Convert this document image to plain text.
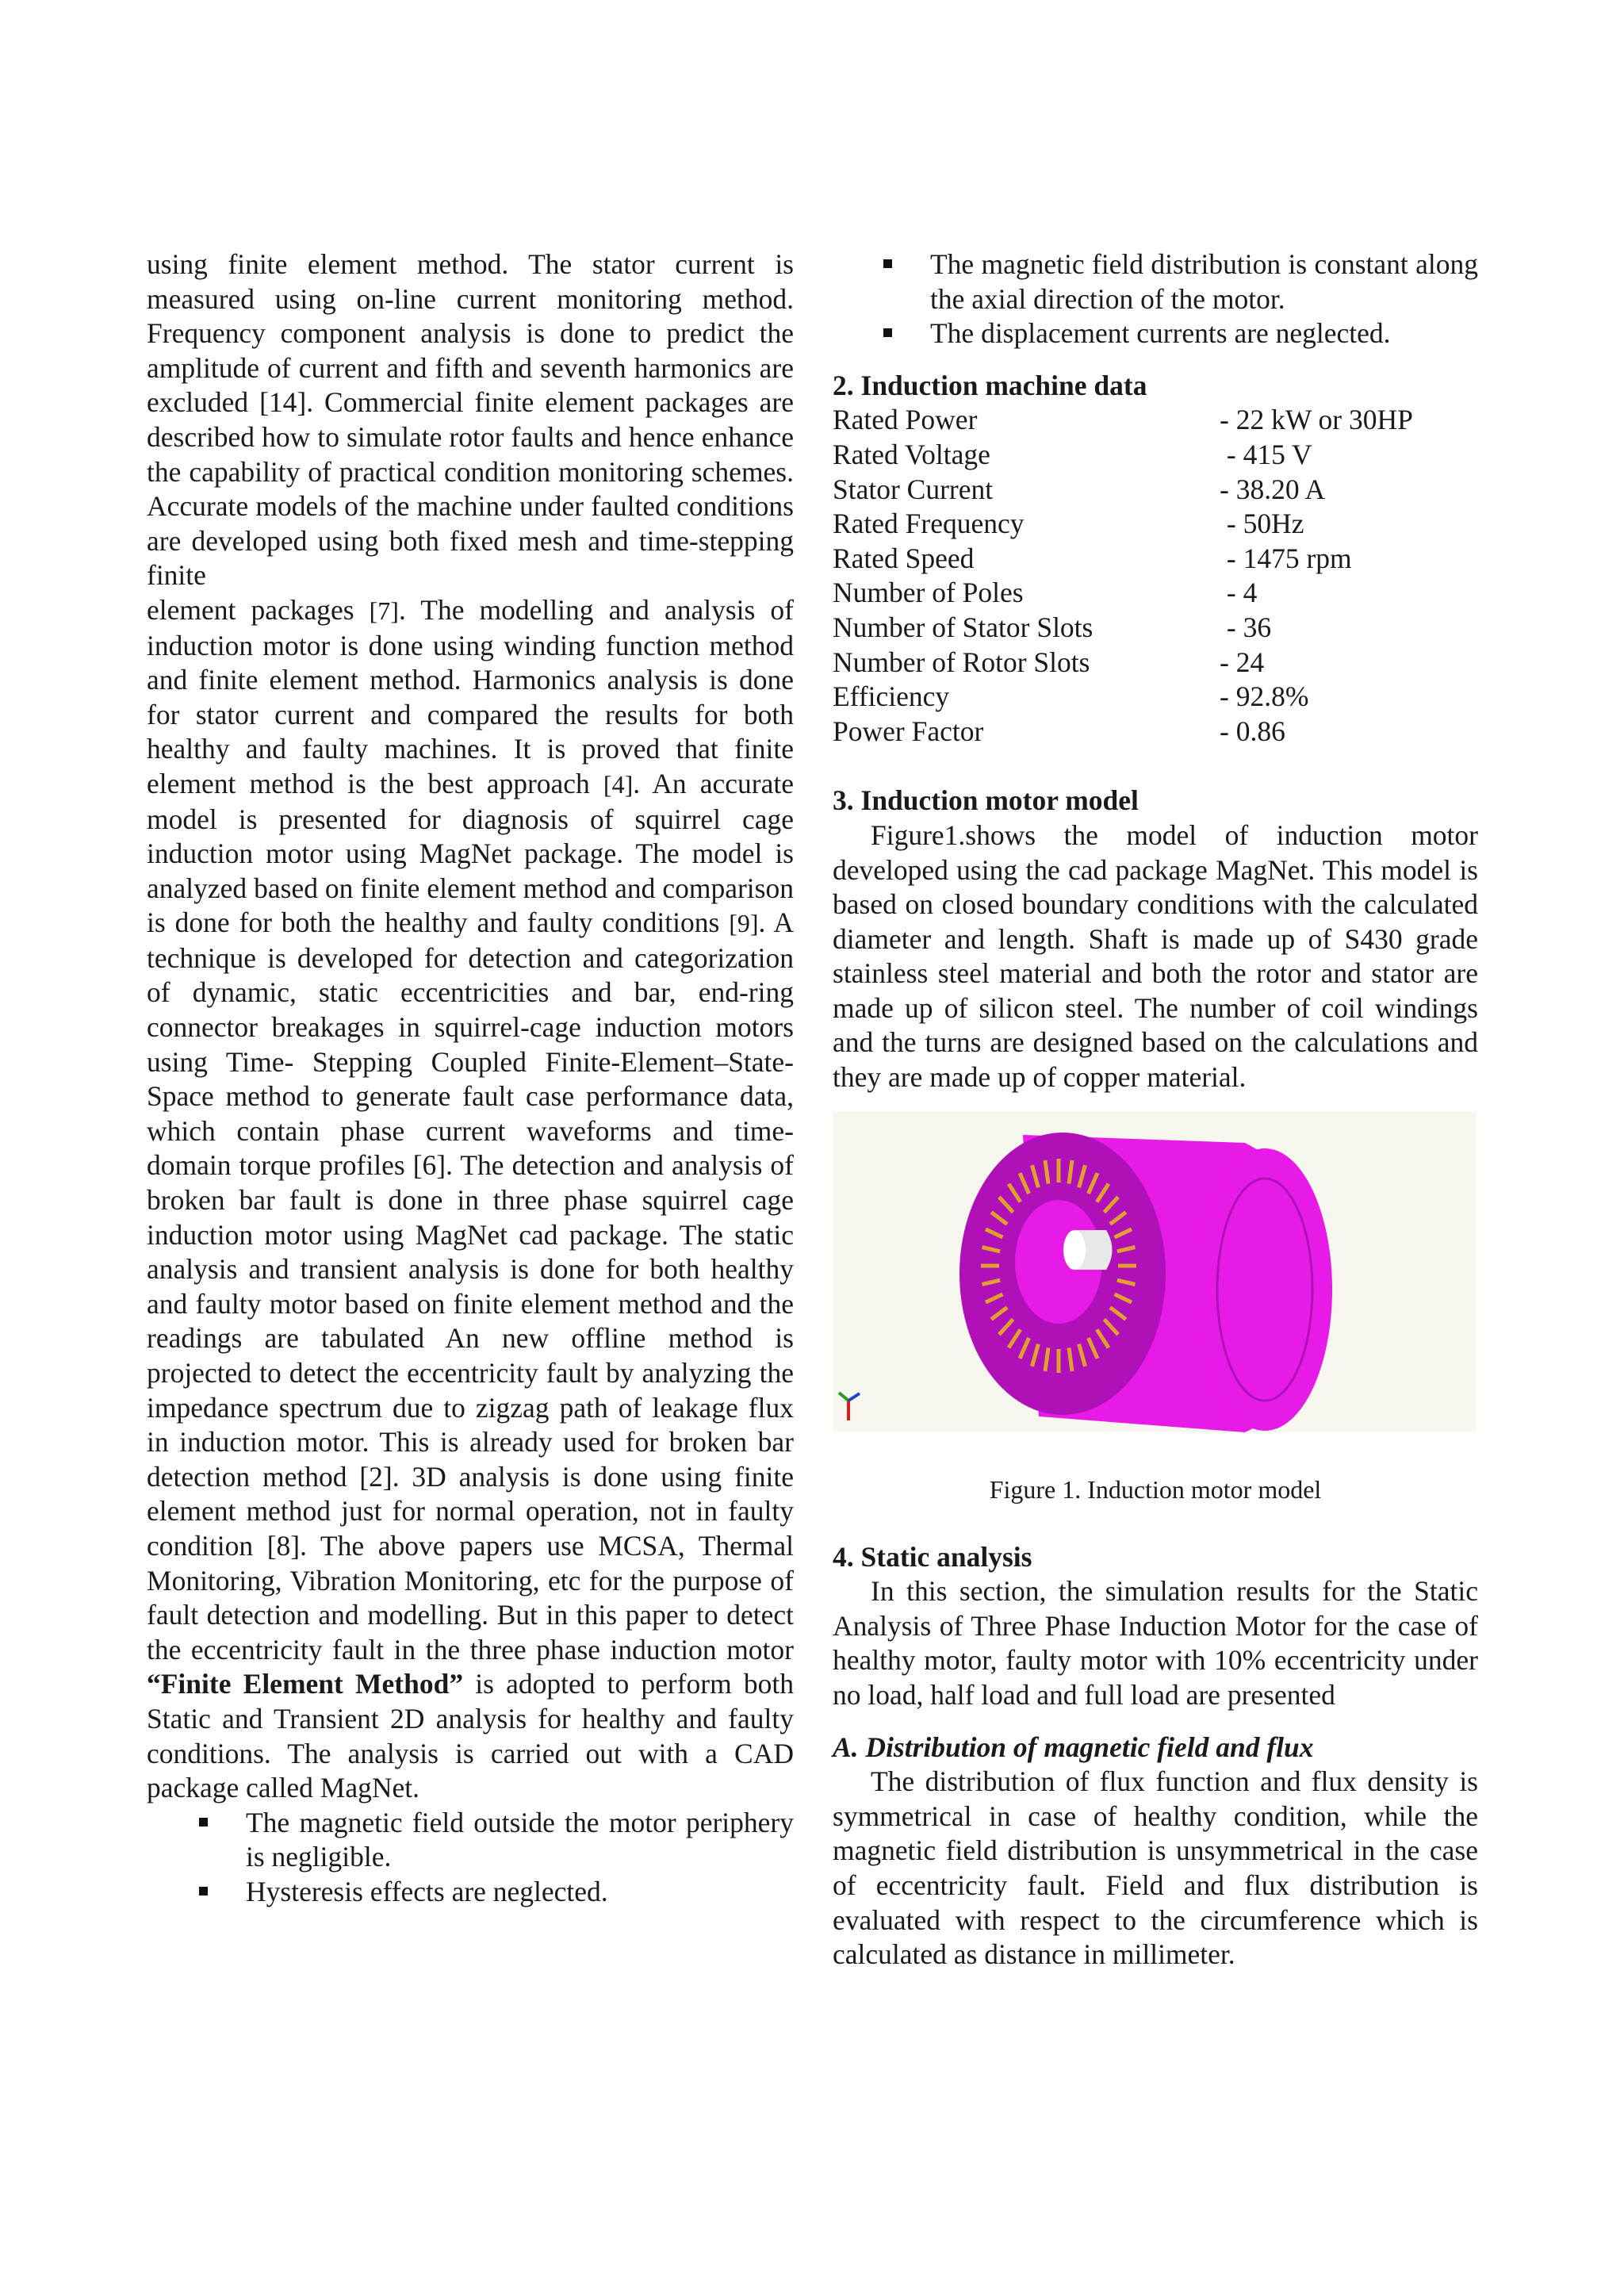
using finite element method. The stator current is measured using on-line current monitoring method. Frequency component analysis is done to predict the amplitude of current and fifth and seventh harmonics are excluded [14]. Commercial finite element packages are described how to simulate rotor faults and hence enhance the capability of practical condition monitoring schemes. Accurate models of the machine under faulted conditions are developed using both fixed mesh and time-stepping finite

element packages [7]. The modelling and analysis of induction motor is done using winding function method and finite element method. Harmonics analysis is done for stator current and compared the results for both healthy and faulty machines. It is proved that finite element method is the best approach [4]. An accurate model is presented for diagnosis of squirrel cage induction motor using MagNet package. The model is analyzed based on finite element method and comparison is done for both the healthy and faulty conditions [9]. A technique is developed for detection and categorization of dynamic, static eccentricities and bar, end-ring connector breakages in squirrel-cage induction motors using Time- Stepping Coupled Finite-Element–State-Space method to generate fault case performance data, which contain phase current waveforms and time-domain torque profiles [6]. The detection and analysis of broken bar fault is done in three phase squirrel cage induction motor using MagNet cad package. The static analysis and transient analysis is done for both healthy and faulty motor based on finite element method and the readings are tabulated An new offline method is projected to detect the eccentricity fault by analyzing the impedance spectrum due to zigzag path of leakage flux in induction motor. This is already used for broken bar detection method [2]. 3D analysis is done using finite element method just for normal operation, not in faulty condition [8]. The above papers use MCSA, Thermal Monitoring, Vibration Monitoring, etc for the purpose of fault detection and modelling. But in this paper to detect the eccentricity fault in the three phase induction motor “Finite Element Method” is adopted to perform both Static and Transient 2D analysis for healthy and faulty conditions. The analysis is carried out with a CAD package called MagNet.

The magnetic field outside the motor periphery is negligible.
Hysteresis effects are neglected.
The magnetic field distribution is constant along the axial direction of the motor.
The displacement currents are neglected.
2. Induction machine data
Rated Power	- 22 kW or 30HP
Rated Voltage	- 415 V
Stator Current	- 38.20 A
Rated Frequency	- 50Hz
Rated Speed	- 1475 rpm
Number of Poles	- 4
Number of Stator Slots	- 36
Number of Rotor Slots	- 24
Efficiency	- 92.8%
Power Factor	- 0.86
3. Induction motor model

Figure1.shows the model of induction motor developed using the cad package MagNet. This model is based on closed boundary conditions with the calculated diameter and length. Shaft is made up of S430 grade stainless steel material and both the rotor and stator are made up of silicon steel. The number of coil windings and the turns are designed based on the calculations and they are made up of copper material.

Figure 1. Induction motor model

4. Static analysis

In this section, the simulation results for the Static Analysis of Three Phase Induction Motor for the case of healthy motor, faulty motor with 10% eccentricity under no load, half load and full load are presented

A. Distribution of magnetic field and flux

The distribution of flux function and flux density is symmetrical in case of healthy condition, while the magnetic field distribution is unsymmetrical in the case of eccentricity fault. Field and flux distribution is evaluated with respect to the circumference which is calculated as distance in millimeter.
